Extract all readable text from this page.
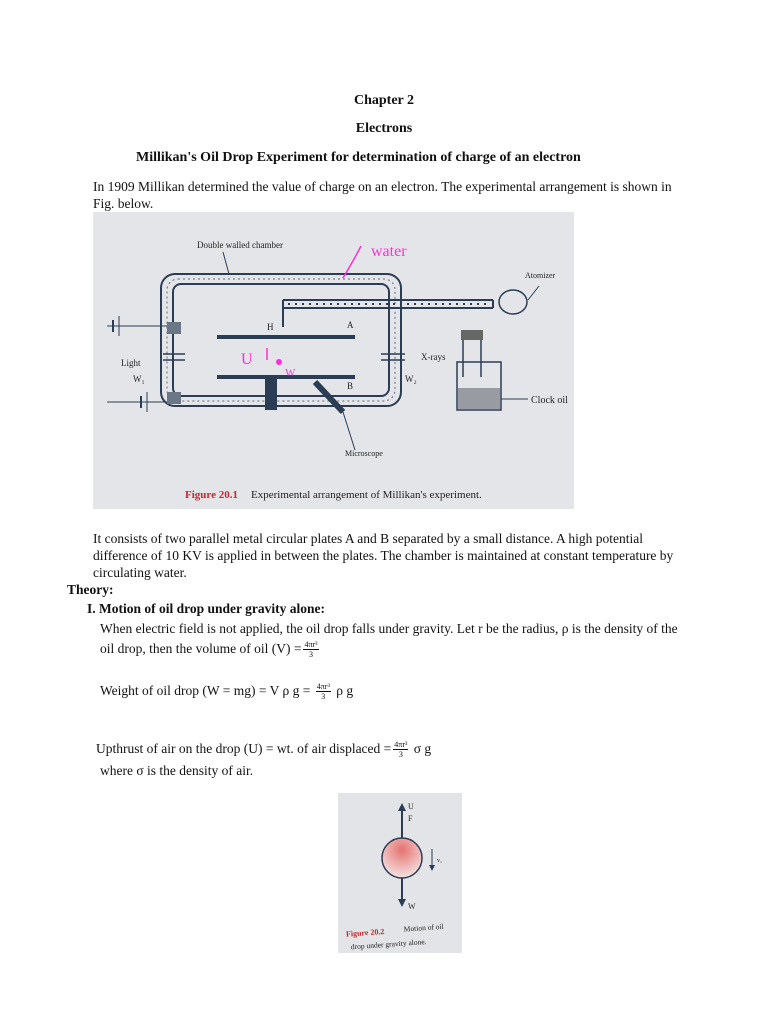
Chapter 2
Electrons
Millikan's Oil Drop Experiment for determination of charge of an electron
In 1909 Millikan determined the value of charge on an electron. The experimental arrangement is shown in
Fig. below.
Double walled chamber	water
Atomizer
H	A
B
Light
W₁
X-rays
W₂
Clock oil
Microscope
U
W
Figure 20.1 Experimental arrangement of Millikan's experiment.
It consists of two parallel metal circular plates A and B separated by a small distance. A high potential
difference of 10 KV is applied in between the plates. The chamber is maintained at constant temperature by
circulating water.
Theory:
I. Motion of oil drop under gravity alone:
When electric field is not applied, the oil drop falls under gravity. Let r be the radius, ρ is the density of the
oil drop, then the volume of oil $(V) = \frac{\text{4πr³}}{3}$
Weight of oil drop (W = mg) = V ρ $g = \frac{\text{4πr³}}{3}$ ρ g
Upthrust of air on the drop (U) = wt. of air displaced = $\frac{\text{4πr³}}{3}$ σ g
where σ is the density of air.
U
F
v₁
W
Figure 20.2 Motion of oil
drop under gravity alone.
